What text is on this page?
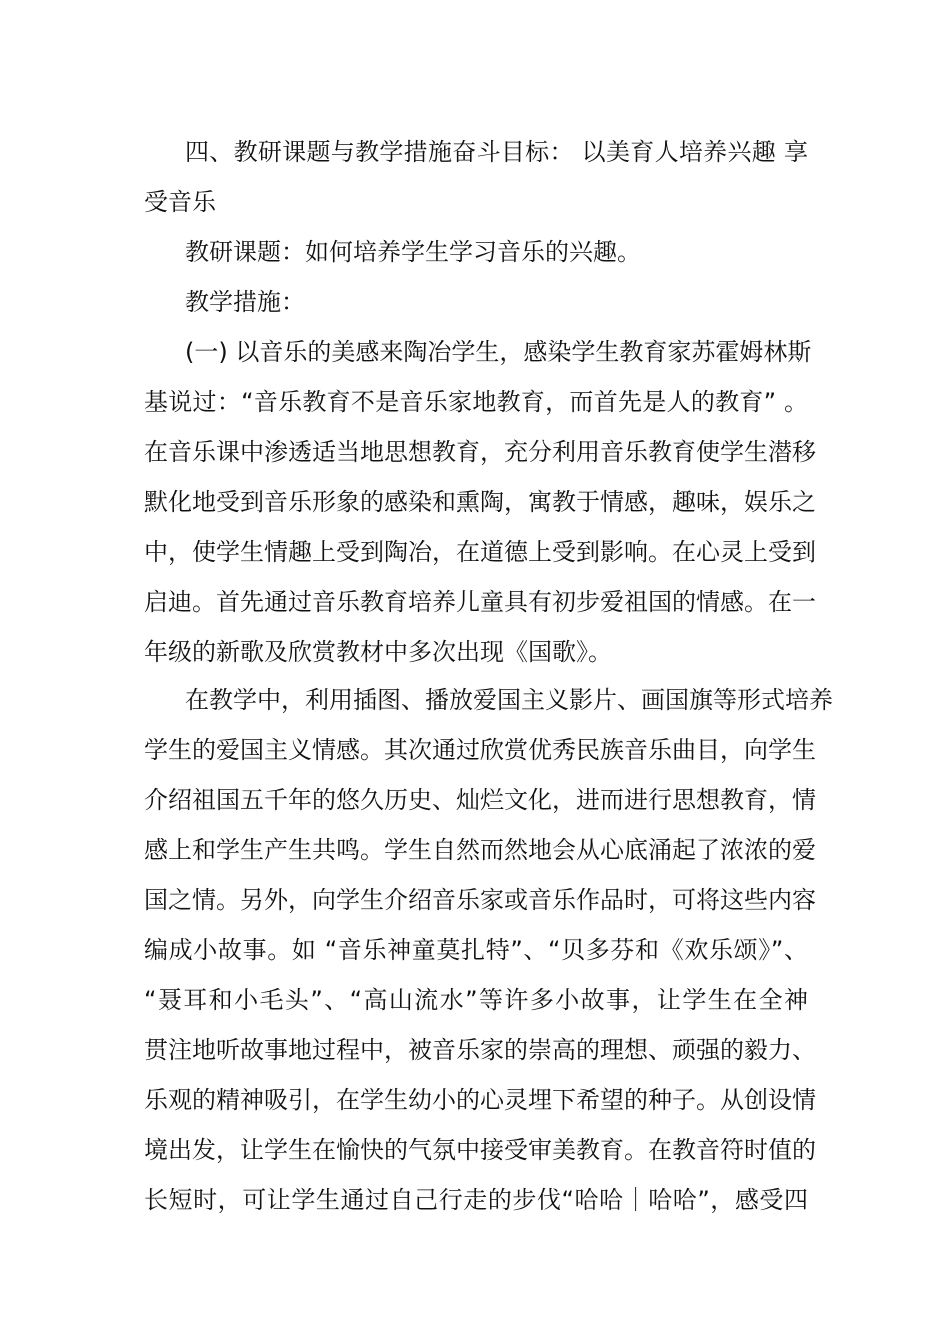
四、教研课题与教学措施奋斗目标： 以美育人培养兴趣 享
受音乐
教研课题：如何培养学生学习音乐的兴趣。
教学措施：
(一) 以音乐的美感来陶冶学生，感染学生教育家苏霍姆林斯
基说过：“音乐教育不是音乐家地教育，而首先是人的教育” 。
在音乐课中渗透适当地思想教育，充分利用音乐教育使学生潜移
默化地受到音乐形象的感染和熏陶，寓教于情感，趣味，娱乐之
中，使学生情趣上受到陶冶，在道德上受到影响。在心灵上受到
启迪。首先通过音乐教育培养儿童具有初步爱祖国的情感。在一
年级的新歌及欣赏教材中多次出现《国歌》。
在教学中，利用插图、播放爱国主义影片、画国旗等形式培养
学生的爱国主义情感。其次通过欣赏优秀民族音乐曲目，向学生
介绍祖国五千年的悠久历史、灿烂文化，进而进行思想教育，情
感上和学生产生共鸣。学生自然而然地会从心底涌起了浓浓的爱
国之情。另外，向学生介绍音乐家或音乐作品时，可将这些内容
编成小故事。如 “音乐神童莫扎特”、“贝多芬和《欢乐颂》”、
“聂耳和小毛头”、“高山流水”等许多小故事，让学生在全神
贯注地听故事地过程中，被音乐家的崇高的理想、顽强的毅力、
乐观的精神吸引，在学生幼小的心灵埋下希望的种子。从创设情
境出发，让学生在愉快的气氛中接受审美教育。在教音符时值的
长短时，可让学生通过自己行走的步伐“哈哈｜哈哈”，感受四
